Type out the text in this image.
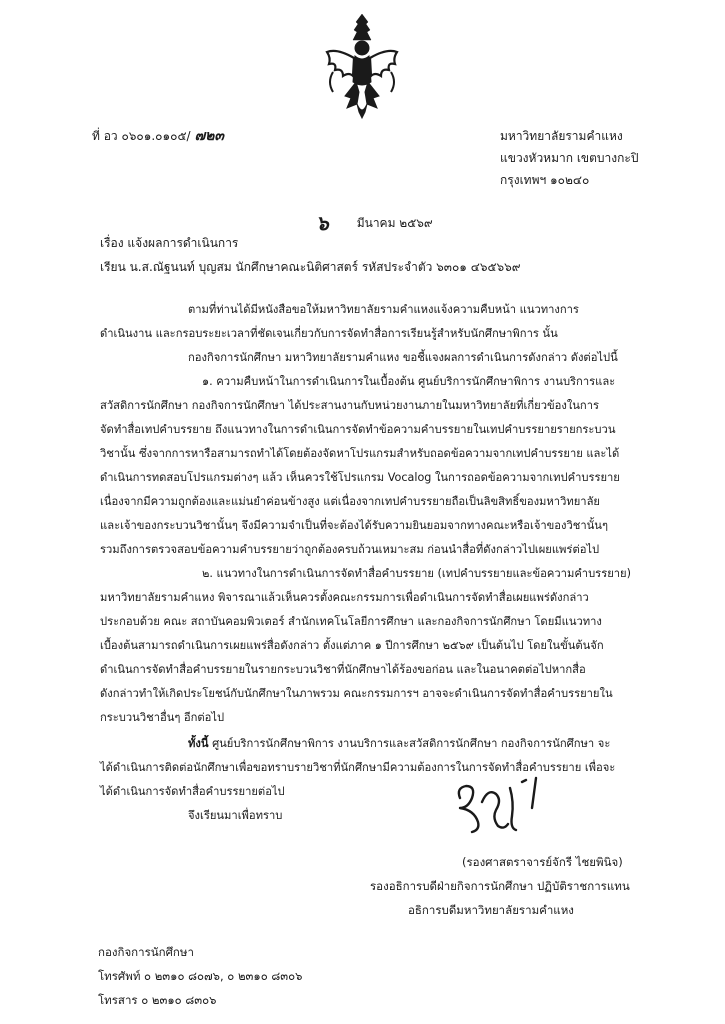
ที่ อว ๐๖๐๑.๐๑๐๕/ ๗๒๓	มหาวิทยาลัยรามคำแหง
แขวงหัวหมาก เขตบางกะปิ
กรุงเทพฯ ๑๐๒๔๐
๖ มีนาคม ๒๕๖๙
เรื่อง แจ้งผลการดำเนินการ
เรียน น.ส.ณัฐนนท์ บุญสม นักศึกษาคณะนิติศาสตร์ รหัสประจำตัว ๖๓๐๑ ๔๖๕๖๖๙
ตามที่ท่านได้มีหนังสือขอให้มหาวิทยาลัยรามคำแหงแจ้งความคืบหน้า แนวทางการ
ดำเนินงาน และกรอบระยะเวลาที่ชัดเจนเกี่ยวกับการจัดทำสื่อการเรียนรู้สำหรับนักศึกษาพิการ นั้น
กองกิจการนักศึกษา มหาวิทยาลัยรามคำแหง ขอชี้แจงผลการดำเนินการดังกล่าว ดังต่อไปนี้
๑. ความคืบหน้าในการดำเนินการในเบื้องต้น ศูนย์บริการนักศึกษาพิการ งานบริการและ
สวัสดิการนักศึกษา กองกิจการนักศึกษา ได้ประสานงานกับหน่วยงานภายในมหาวิทยาลัยที่เกี่ยวข้องในการ
จัดทำสื่อเทปคำบรรยาย ถึงแนวทางในการดำเนินการจัดทำข้อความคำบรรยายในเทปคำบรรยายรายกระบวน
วิชานั้น ซึ่งจากการหารือสามารถทำได้โดยต้องจัดหาโปรแกรมสำหรับถอดข้อความจากเทปคำบรรยาย และได้
ดำเนินการทดสอบโปรแกรมต่างๆ แล้ว เห็นควรใช้โปรแกรม Vocalog ในการถอดข้อความจากเทปคำบรรยาย
เนื่องจากมีความถูกต้องและแม่นยำค่อนข้างสูง แต่เนื่องจากเทปคำบรรยายถือเป็นลิขสิทธิ์ของมหาวิทยาลัย
และเจ้าของกระบวนวิชานั้นๆ จึงมีความจำเป็นที่จะต้องได้รับความยินยอมจากทางคณะหรือเจ้าของวิชานั้นๆ
รวมถึงการตรวจสอบข้อความคำบรรยายว่าถูกต้องครบถ้วนเหมาะสม ก่อนนำสื่อที่ดังกล่าวไปเผยแพร่ต่อไป
๒. แนวทางในการดำเนินการจัดทำสื่อคำบรรยาย (เทปคำบรรยายและข้อความคำบรรยาย)
มหาวิทยาลัยรามคำแหง พิจารณาแล้วเห็นควรตั้งคณะกรรมการเพื่อดำเนินการจัดทำสื่อเผยแพร่ดังกล่าว
ประกอบด้วย คณะ สถาบันคอมพิวเตอร์ สำนักเทคโนโลยีการศึกษา และกองกิจการนักศึกษา โดยมีแนวทาง
เบื้องต้นสามารถดำเนินการเผยแพร่สื่อดังกล่าว ตั้งแต่ภาค ๑ ปีการศึกษา ๒๕๖๙ เป็นต้นไป โดยในขั้นต้นจัก
ดำเนินการจัดทำสื่อคำบรรยายในรายกระบวนวิชาที่นักศึกษาได้ร้องขอก่อน และในอนาคตต่อไปหากสื่อ
ดังกล่าวทำให้เกิดประโยชน์กับนักศึกษาในภาพรวม คณะกรรมการฯ อาจจะดำเนินการจัดทำสื่อคำบรรยายใน
กระบวนวิชาอื่นๆ อีกต่อไป
ทั้งนี้ ศูนย์บริการนักศึกษาพิการ งานบริการและสวัสดิการนักศึกษา กองกิจการนักศึกษา จะ
ได้ดำเนินการติดต่อนักศึกษาเพื่อขอทราบรายวิชาที่นักศึกษามีความต้องการในการจัดทำสื่อคำบรรยาย เพื่อจะ
ได้ดำเนินการจัดทำสื่อคำบรรยายต่อไป
จึงเรียนมาเพื่อทราบ
(รองศาสตราจารย์จักรี ไชยพินิจ)
รองอธิการบดีฝ่ายกิจการนักศึกษา ปฏิบัติราชการแทน
อธิการบดีมหาวิทยาลัยรามคำแหง
กองกิจการนักศึกษา
โทรศัพท์ ๐ ๒๓๑๐ ๘๐๗๖, ๐ ๒๓๑๐ ๘๓๐๖
โทรสาร ๐ ๒๓๑๐ ๘๓๐๖
